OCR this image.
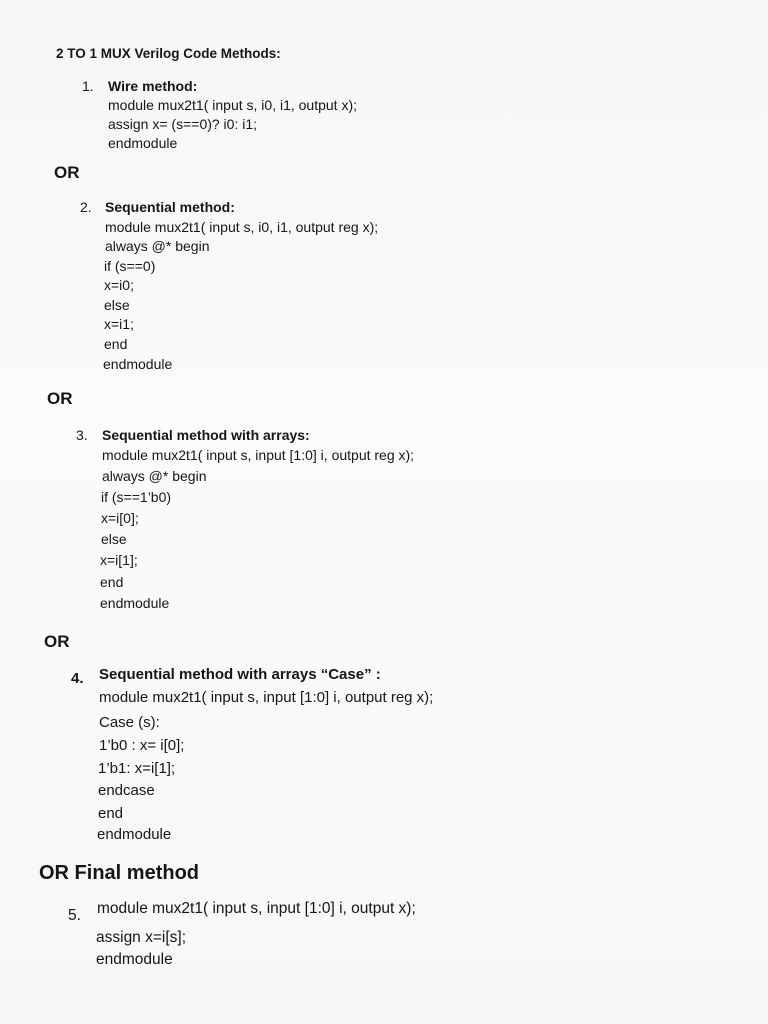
2 TO 1 MUX Verilog Code Methods:
1. Wire method:
module mux2t1( input s, i0, i1, output x);
assign x= (s==0)? i0: i1;
endmodule
OR
2. Sequential method:
module mux2t1( input s, i0, i1, output reg x);
always @* begin
if (s==0)
x=i0;
else
x=i1;
end
endmodule
OR
3. Sequential method with arrays:
module mux2t1( input s, input [1:0] i, output reg x);
always @* begin
if (s==1’b0)
x=i[0];
else
x=i[1];
end
endmodule
OR
4. Sequential method with arrays “Case” :
module mux2t1( input s, input [1:0] i, output reg x);
Case (s):
1’b0 : x= i[0];
1’b1: x=i[1];
endcase
end
endmodule
OR Final method
5. module mux2t1( input s, input [1:0] i, output x);
assign x=i[s];
endmodule
